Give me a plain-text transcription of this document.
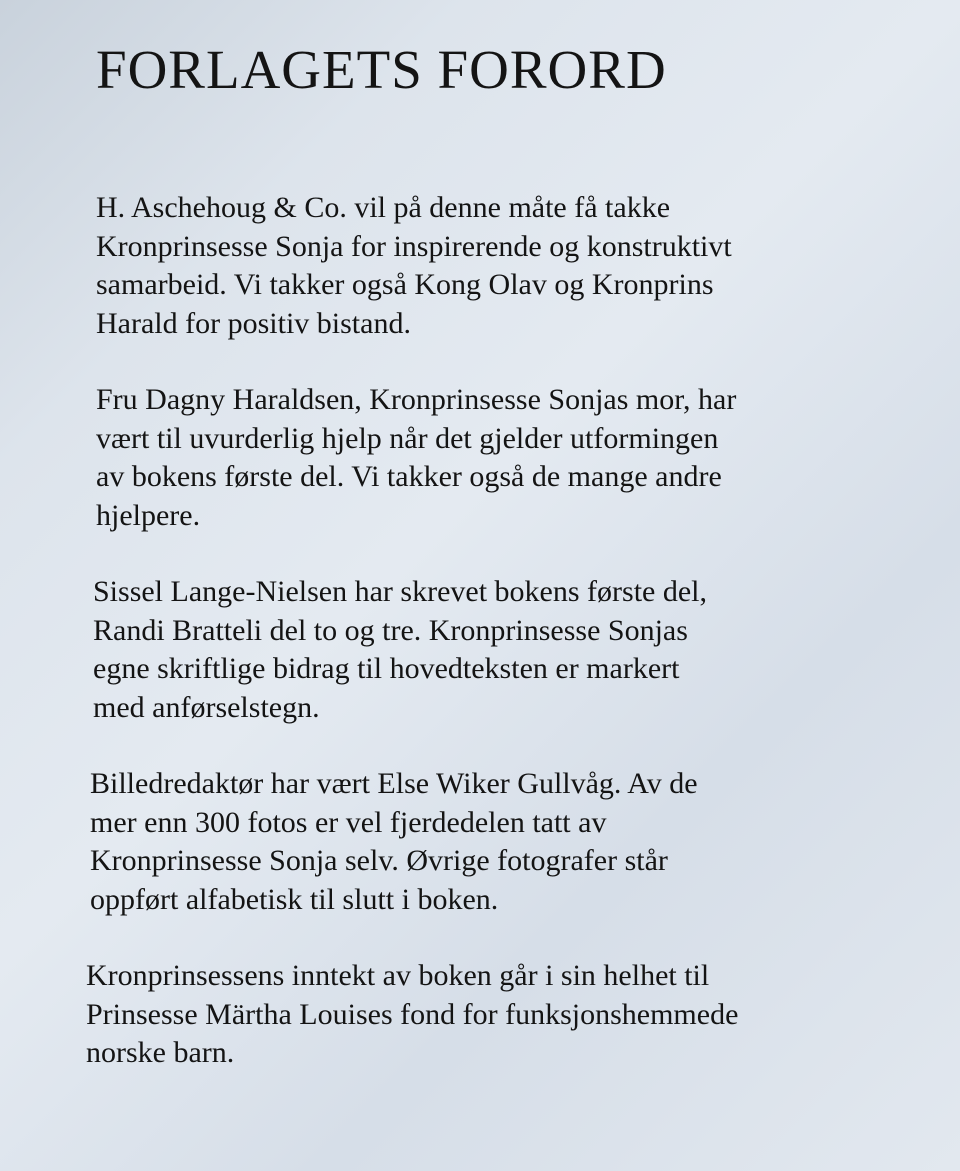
FORLAGETS FORORD

H. Aschehoug & Co. vil på denne måte få takke
Kronprinsesse Sonja for inspirerende og konstruktivt
samarbeid. Vi takker også Kong Olav og Kronprins
Harald for positiv bistand.

Fru Dagny Haraldsen, Kronprinsesse Sonjas mor, har
vært til uvurderlig hjelp når det gjelder utformingen
av bokens første del. Vi takker også de mange andre
hjelpere.

Sissel Lange-Nielsen har skrevet bokens første del,
Randi Bratteli del to og tre. Kronprinsesse Sonjas
egne skriftlige bidrag til hovedteksten er markert
med anførselstegn.

Billedredaktør har vært Else Wiker Gullvåg. Av de
mer enn 300 fotos er vel fjerdedelen tatt av
Kronprinsesse Sonja selv. Øvrige fotografer står
oppført alfabetisk til slutt i boken.

Kronprinsessens inntekt av boken går i sin helhet til
Prinsesse Märtha Louises fond for funksjonshemmede
norske barn.
